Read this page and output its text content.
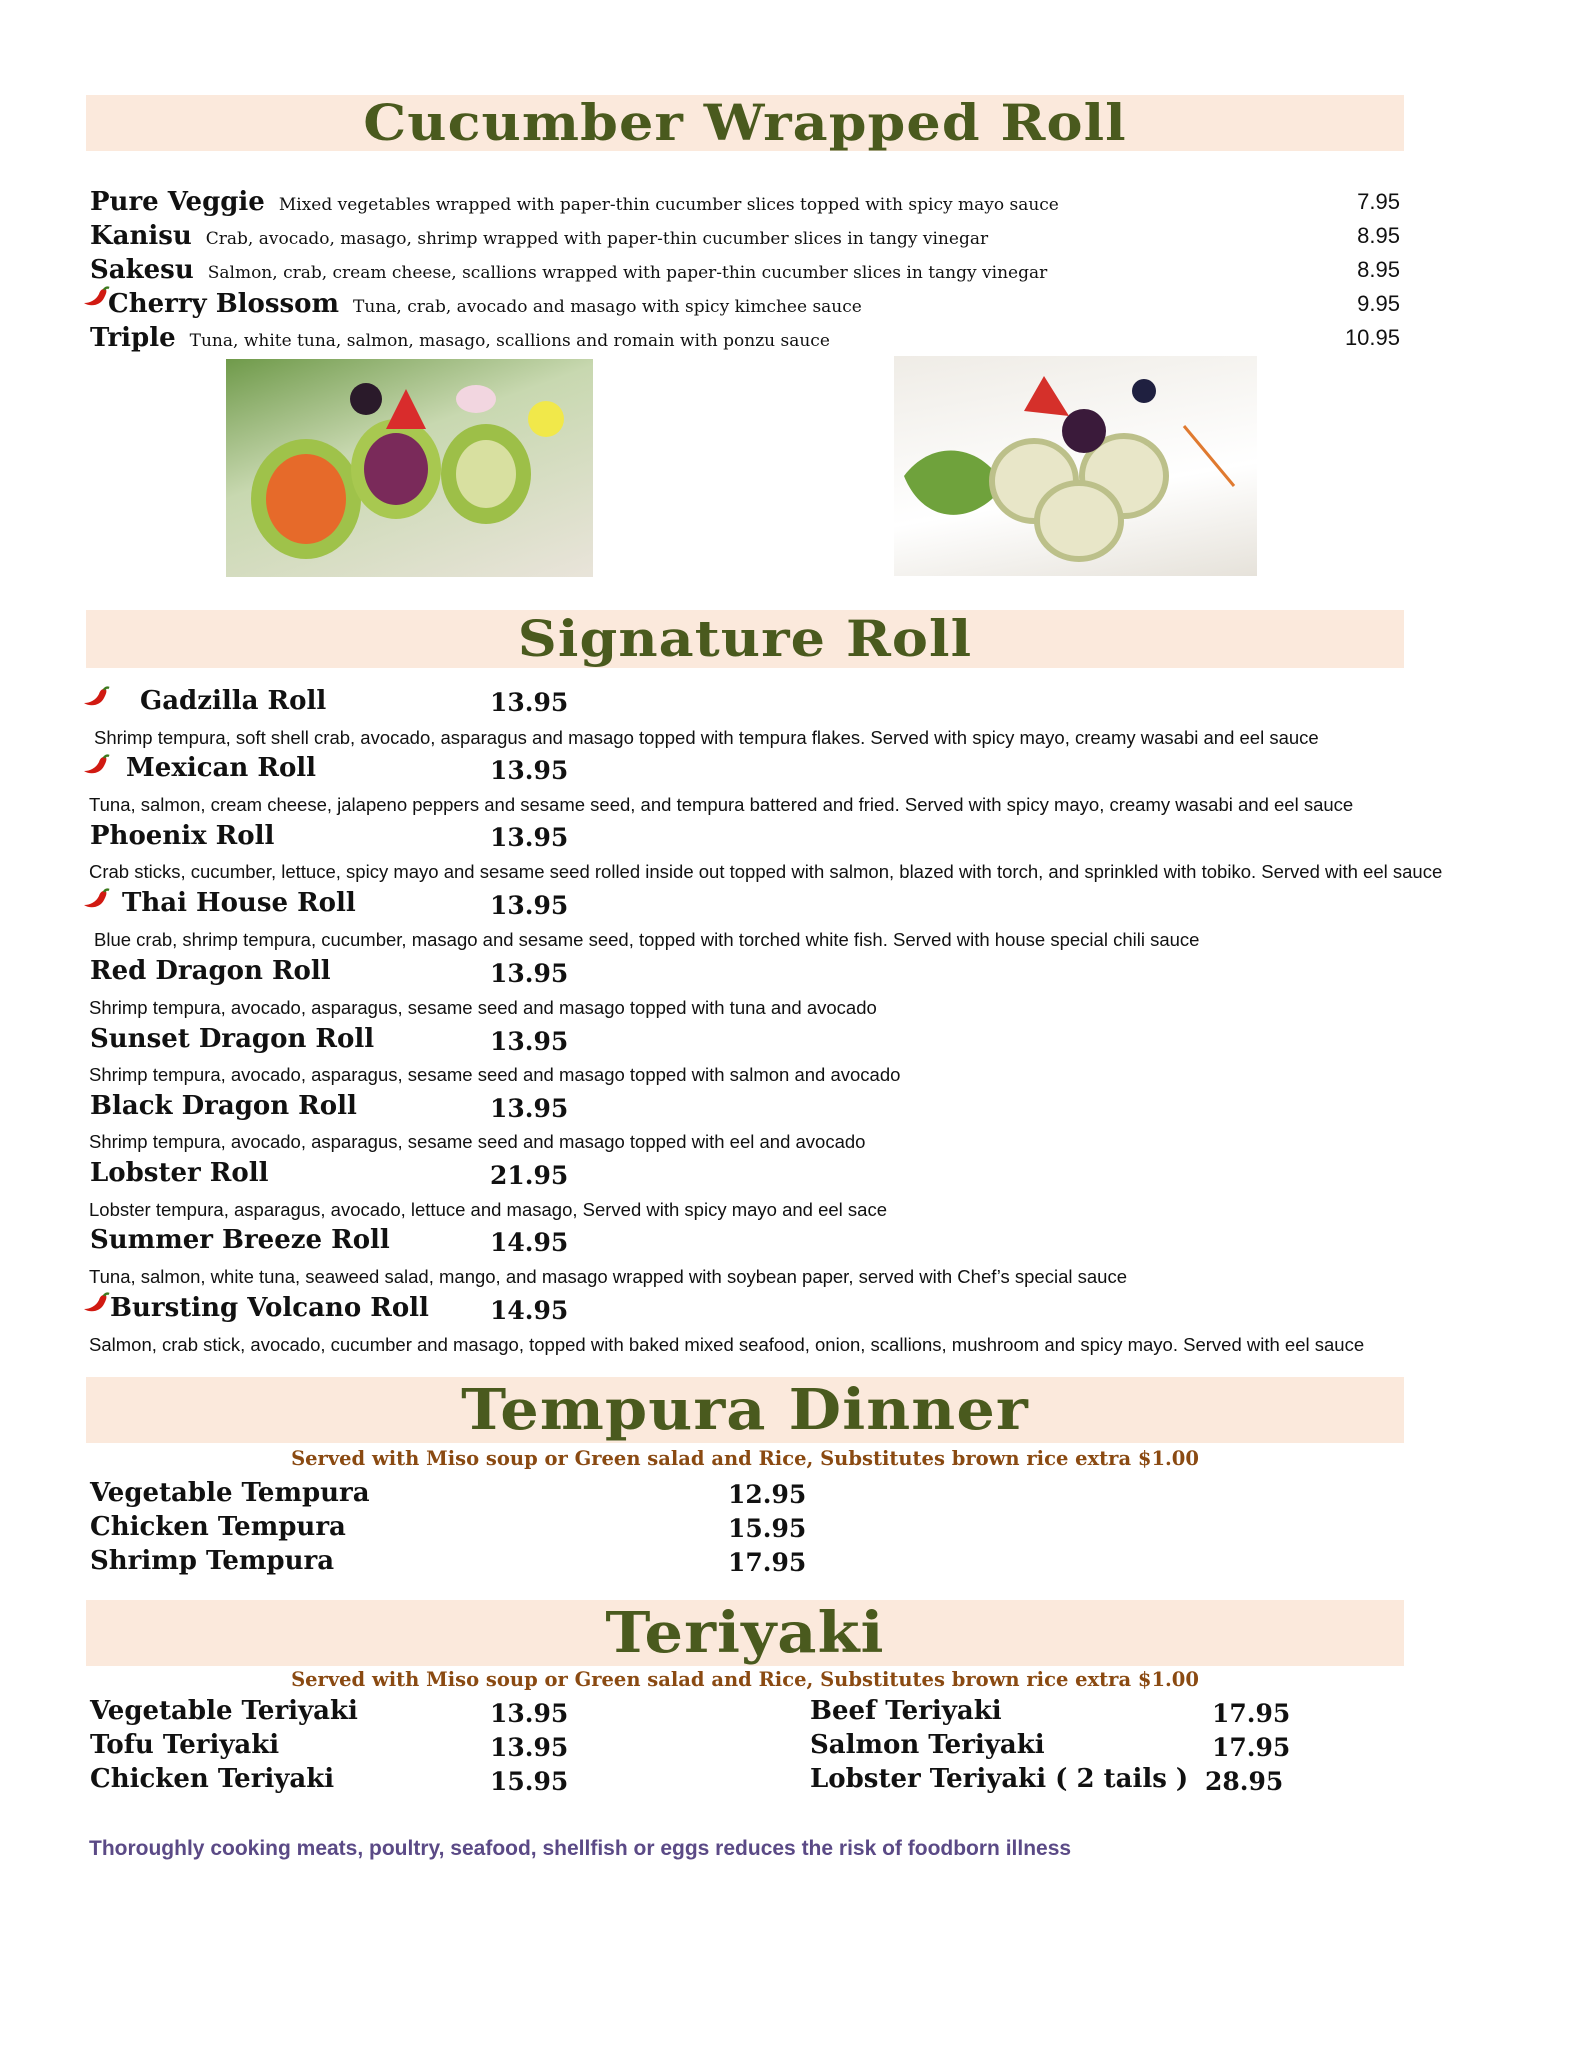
Cucumber Wrapped Roll
Pure Veggie Mixed vegetables wrapped with paper-thin cucumber slices topped with spicy mayo sauce	7.95
Kanisu Crab, avocado, masago, shrimp wrapped with paper-thin cucumber slices in tangy vinegar	8.95
Sakesu Salmon, crab, cream cheese, scallions wrapped with paper-thin cucumber slices in tangy vinegar	8.95
Cherry Blossom Tuna, crab, avocado and masago with spicy kimchee sauce	9.95
Triple Tuna, white tuna, salmon, masago, scallions and romain with ponzu sauce	10.95
Signature Roll
Gadzilla Roll	13.95
Shrimp tempura, soft shell crab, avocado, asparagus and masago topped with tempura flakes. Served with spicy mayo, creamy wasabi and eel sauce
Mexican Roll	13.95
Tuna, salmon, cream cheese, jalapeno peppers and sesame seed, and tempura battered and fried. Served with spicy mayo, creamy wasabi and eel sauce
Phoenix Roll	13.95
Crab sticks, cucumber, lettuce, spicy mayo and sesame seed rolled inside out topped with salmon, blazed with torch, and sprinkled with tobiko. Served with eel sauce
Thai House Roll	13.95
Blue crab, shrimp tempura, cucumber, masago and sesame seed, topped with torched white fish. Served with house special chili sauce
Red Dragon Roll	13.95
Shrimp tempura, avocado, asparagus, sesame seed and masago topped with tuna and avocado
Sunset Dragon Roll	13.95
Shrimp tempura, avocado, asparagus, sesame seed and masago topped with salmon and avocado
Black Dragon Roll	13.95
Shrimp tempura, avocado, asparagus, sesame seed and masago topped with eel and avocado
Lobster Roll	21.95
Lobster tempura, asparagus, avocado, lettuce and masago, Served with spicy mayo and eel sace
Summer Breeze Roll	14.95
Tuna, salmon, white tuna, seaweed salad, mango, and masago wrapped with soybean paper, served with Chef’s special sauce
Bursting Volcano Roll 14.95
Salmon, crab stick, avocado, cucumber and masago, topped with baked mixed seafood, onion, scallions, mushroom and spicy mayo. Served with eel sauce
Tempura Dinner
Served with Miso soup or Green salad and Rice, Substitutes brown rice extra $1.00
Vegetable Tempura	12.95
Chicken Tempura	15.95
Shrimp Tempura	17.95
Teriyaki
Served with Miso soup or Green salad and Rice, Substitutes brown rice extra $1.00
Vegetable Teriyaki	13.95
Tofu Teriyaki	13.95
Chicken Teriyaki	15.95
Beef Teriyaki	17.95
Salmon Teriyaki	17.95
Lobster Teriyaki ( 2 tails ) 28.95
Thoroughly cooking meats, poultry, seafood, shellfish or eggs reduces the risk of foodborn illness
